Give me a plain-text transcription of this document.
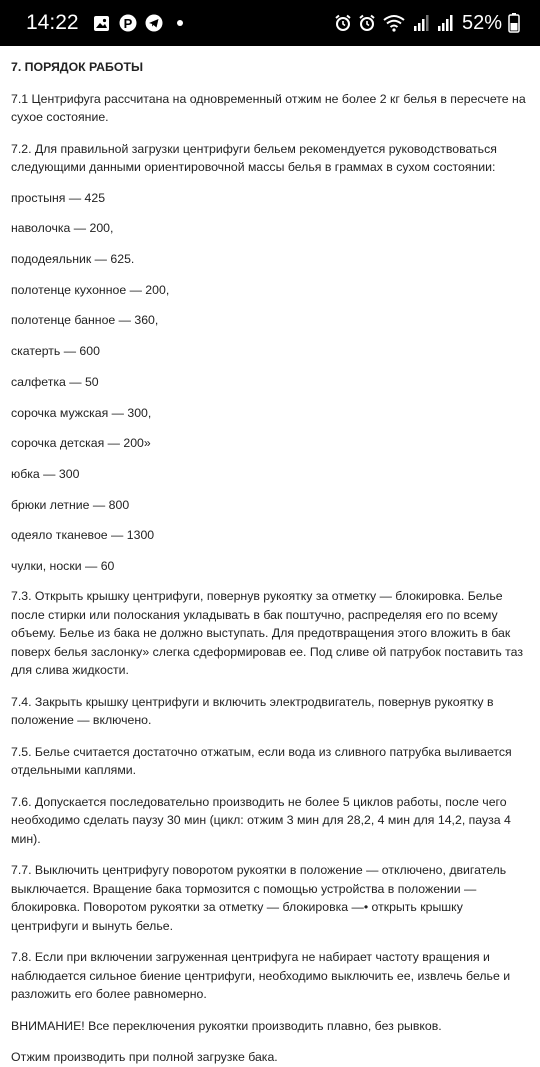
14:22	P	52%

7. ПОРЯДОК РАБОТЫ

7.1 Центрифуга рассчитана на одновременный отжим не более 2 кг белья в пересчете на сухое состояние.

7.2. Для правильной загрузки центрифуги бельем рекомендуется руководствоваться следующими данными ориентировочной массы белья в граммах в сухом состоянии:

простыня — 425

наволочка — 200,

пододеяльник — 625.

полотенце кухонное — 200,

полотенце банное — 360,

скатерть — 600

салфетка — 50

сорочка мужская — 300,

сорочка детская — 200»

юбка — 300

брюки летние — 800

одеяло тканевое — 1300

чулки, носки — 60

7.3. Открыть крышку центрифуги, повернув рукоятку за отметку — блокировка. Белье после стирки или полоскания укладывать в бак поштучно, распределяя его по всему объему. Белье из бака не должно выступать. Для предотвращения этого вложить в бак поверх белья заслонку» слегка сдеформировав ее. Под сливе ой патрубок поставить таз для слива жидкости.

7.4. Закрыть крышку центрифуги и включить электродвигатель, повернув рукоятку в положение — включено.

7.5. Белье считается достаточно отжатым, если вода из сливного патрубка выливается отдельными каплями.

7.6. Допускается последовательно производить не более 5 циклов работы, после чего необходимо сделать паузу 30 мин (цикл: отжим 3 мин для 28,2, 4 мин для 14,2, пауза 4 мин).

7.7. Выключить центрифугу поворотом рукоятки в положение — отключено, двигатель выключается. Вращение бака тормозится с помощью устройства в положении — блокировка. Поворотом рукоятки за отметку — блокировка —• открыть крышку центрифуги и вынуть белье.

7.8. Если при включении загруженная центрифуга не набирает частоту вращения и наблюдается сильное биение центрифуги, необходимо выключить ее, извлечь белье и разложить его более равномерно.

ВНИМАНИЕ! Все переключения рукоятки производить плавно, без рывков.

Отжим производить при полной загрузке бака.
